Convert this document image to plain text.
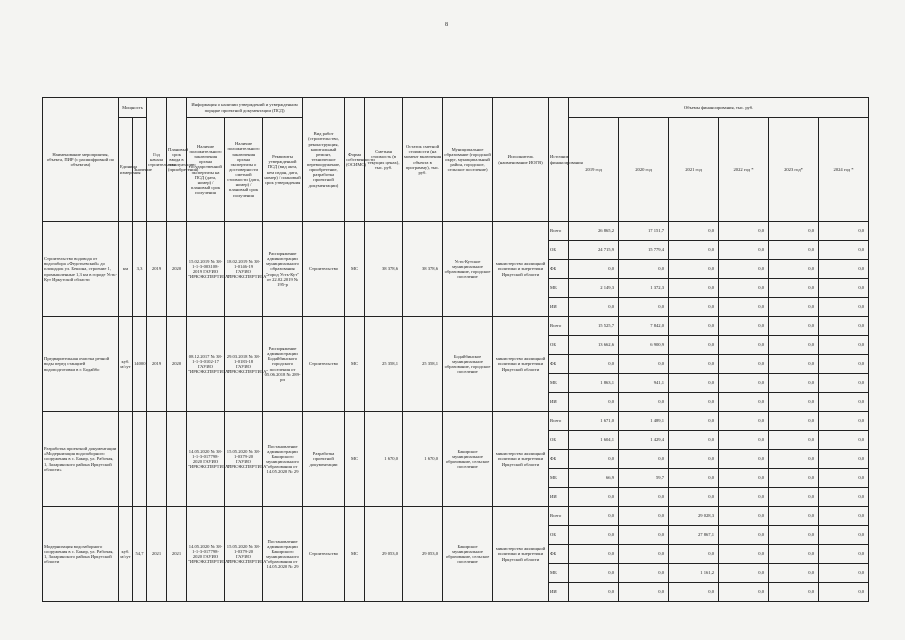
8
Наименование мероприятия, объекта, ПИР (с расшифровкой по объектам)	Мощность		Год начала строительства	Плановый срок ввода в эксплуатацию (приобретения)	Информация о наличии утверждений и утвержденном порядке проектной документации (ПСД)			Вид работ (строительство, реконструкция, капитальный ремонт, техническое перевооружение, приобретение, разработка проектной документации)	Форма собственности (ОСИМС)	Сметная стоимость (в текущих ценах), тыс. руб.	Остаток сметной стоимости (на момент включения объекта в программу), тыс. руб.	Муниципальное образование (городской округ, муниципальный район, городское, сельское поселение)	Исполнитель (наименование ИОГВ)	Источник финансирования	Объемы финансирования, тыс. руб.					
	Единица измерения	Значение			Наличие положительного заключения органа государственной экспертизы на ПСД (дата, номер) / плановый срок получения	Наличие положительного заключения органа экспертизы о достоверности сметной стоимости (дата, номер) / плановый срок получения	Реквизиты утвержденной ПСД (вид акта, кем издан, дата, номер) / плановый срок утверждения								2019 год	2020 год	2021 год	2022 год *	2023 год*	2024 год *
Строительство водовода от водозабора «Федотьевский» до площадок ул. Бешона, строение 1, промышленные 1,3 км в городе Усть-Кут Иркутской области	км	3,3	2019	2020	15.02.2019 № 38-1-1-3-003108-2019 ГАУИО "ИРКЭКСПЕРТИЗА"	18.02.2019 № 38-1-0146-19 ГАУИО "ИРКЭКСПЕРТИЗА"	Распоряжение администрации муниципального образования "город Усть-Кут" от 22.02.2019 № 195-р	Строительство	МС	38 378,6	38 378,6	Усть-Кутское муниципальное образование, городское поселение	министерство жилищной политики и энергетики Иркутской области	Всего	26 865,2	17 151,7	0,0	0,0	0,0	0,0
														ОБ	24 715,9	15 779,4	0,0	0,0	0,0	0,0
														ФБ	0,0	0,0	0,0	0,0	0,0	0,0
														МБ	2 149,3	1 372,3	0,0	0,0	0,0	0,0
														ИИ	0,0	0,0	0,0	0,0	0,0	0,0
Предварительная очистка речной воды перед станцией водоподготовки в г. Бодайбо	куб. м/сут	14000	2019	2020	08.12.2017 № 38-1-1-3-0102-17 ГАУИО "ИРКЭКСПЕРТИЗА"	29.03.2018 № 38-1-0183-18 ГАУИО "ИРКЭКСПЕРТИЗА"	Распоряжение администрации Бодайбинского городского поселения от 05.06.2018 № 289-рп	Строительство	МС	25 358,1	25 358,1	Бодайбинское муниципальное образование, городское поселение	министерство жилищной политики и энергетики Иркутской области	Всего	15 525,7	7 842,0	0,0	0,0	0,0	0,0
														ОБ	13 662,6	6 900,9	0,0	0,0	0,0	0,0
														ФБ	0,0	0,0	0,0	0,0	0,0	0,0
														МБ	1 863,1	941,1	0,0	0,0	0,0	0,0
														ИИ	0,0	0,0	0,0	0,0	0,0	0,0
Разработка проектной документации «Модернизация водозаборного сооружения в с. Бакир, ул. Рабочая, 1, Заларинского района Иркутской области»					14.05.2020 № 38-1-1-3-017798-2020 ГАУИО "ИРКЭКСПЕРТИЗА"	15.05.2020 № 38-1-0379-20 ГАУИО "ИРКЭКСПЕРТИЗА"	Постановление администрации Бакирского муниципального образования от 14.05.2020 № 29	Разработка проектной документации	МС	1 670,0	1 670,0	Бакирское муниципальное образование, сельское поселение	министерство жилищной политики и энергетики Иркутской области	Всего	1 671,0	1 489,1	0,0	0,0	0,0	0,0
														ОБ	1 604,1	1 429,4	0,0	0,0	0,0	0,0
														ФБ	0,0	0,0	0,0	0,0	0,0	0,0
														МБ	66,9	59,7	0,0	0,0	0,0	0,0
														ИИ	0,0	0,0	0,0	0,0	0,0	0,0
Модернизация водозаборного сооружения в с. Бакир, ул. Рабочая, 1, Заларинского района Иркутской области	куб. м/сут	54,7	2021	2021	14.05.2020 № 38-1-1-3-017798-2020 ГАУИО "ИРКЭКСПЕРТИЗА"	15.05.2020 № 38-1-0379-20 ГАУИО "ИРКЭКСПЕРТИЗА"	Постановление администрации Бакирского муниципального образования от 14.05.2020 № 29	Строительство	МС	29 053,0	29 053,0	Бакирское муниципальное образование, сельское поселение	министерство жилищной политики и энергетики Иркутской области	Всего	0,0	0,0	29 028,3	0,0	0,0	0,0
														ОБ	0,0	0,0	27 867,1	0,0	0,0	0,0
														ФБ	0,0	0,0	0,0	0,0	0,0	0,0
														МБ	0,0	0,0	1 161,2	0,0	0,0	0,0
														ИИ	0,0	0,0	0,0	0,0	0,0	0,0
